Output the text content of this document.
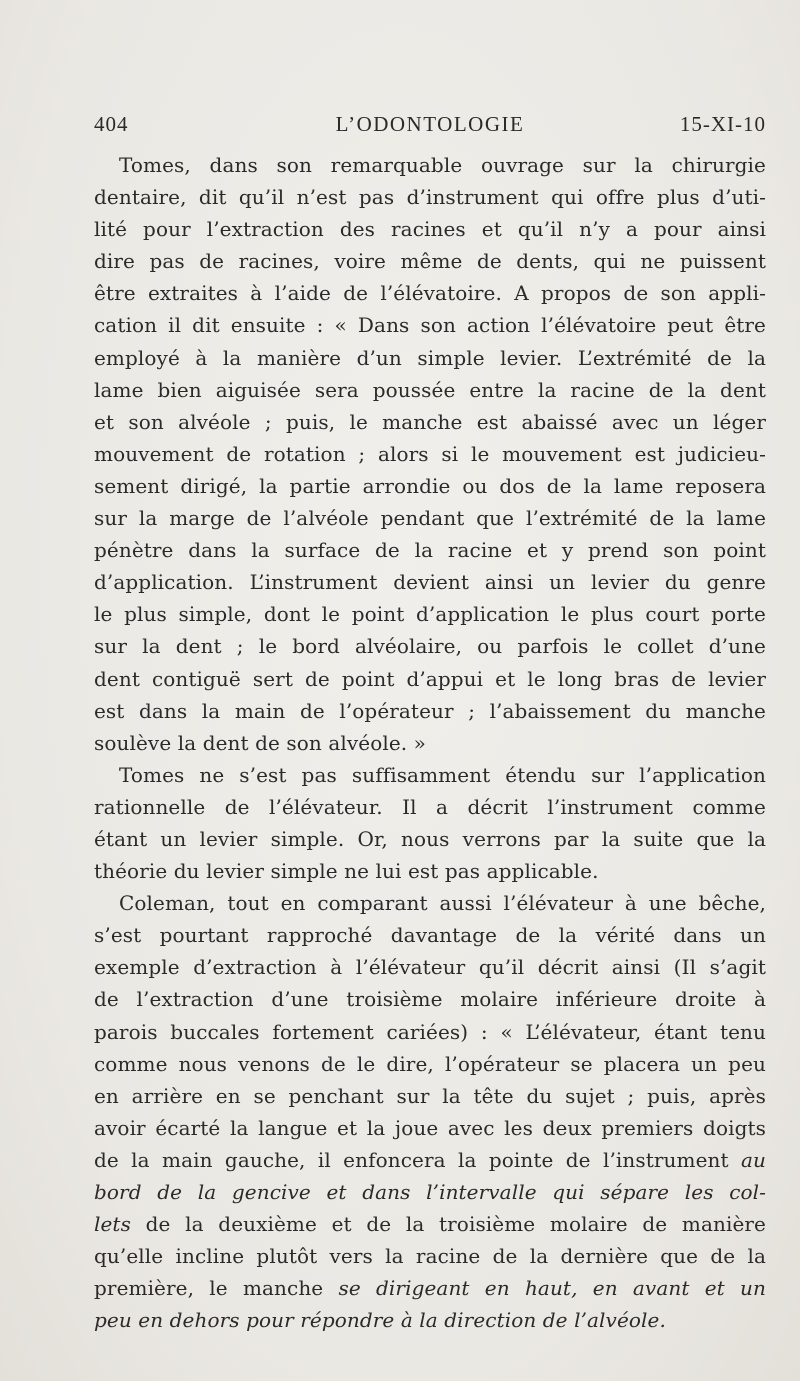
404	L’ODONTOLOGIE	15-XI-10
Tomes, dans son remarquable ouvrage sur la chirurgie
dentaire, dit qu’il n’est pas d’instrument qui offre plus d’uti-
lité pour l’extraction des racines et qu’il n’y a pour ainsi
dire pas de racines, voire même de dents, qui ne puissent
être extraites à l’aide de l’élévatoire. A propos de son appli-
cation il dit ensuite : « Dans son action l’élévatoire peut être
employé à la manière d’un simple levier. L’extrémité de la
lame bien aiguisée sera poussée entre la racine de la dent
et son alvéole ; puis, le manche est abaissé avec un léger
mouvement de rotation ; alors si le mouvement est judicieu-
sement dirigé, la partie arrondie ou dos de la lame reposera
sur la marge de l’alvéole pendant que l’extrémité de la lame
pénètre dans la surface de la racine et y prend son point
d’application. L’instrument devient ainsi un levier du genre
le plus simple, dont le point d’application le plus court porte
sur la dent ; le bord alvéolaire, ou parfois le collet d’une
dent contiguë sert de point d’appui et le long bras de levier
est dans la main de l’opérateur ; l’abaissement du manche
soulève la dent de son alvéole. »
Tomes ne s’est pas suffisamment étendu sur l’application
rationnelle de l’élévateur. Il a décrit l’instrument comme
étant un levier simple. Or, nous verrons par la suite que la
théorie du levier simple ne lui est pas applicable.
Coleman, tout en comparant aussi l’élévateur à une bêche,
s’est pourtant rapproché davantage de la vérité dans un
exemple d’extraction à l’élévateur qu’il décrit ainsi (Il s’agit
de l’extraction d’une troisième molaire inférieure droite à
parois buccales fortement cariées) : « L’élévateur, étant tenu
comme nous venons de le dire, l’opérateur se placera un peu
en arrière en se penchant sur la tête du sujet ; puis, après
avoir écarté la langue et la joue avec les deux premiers doigts
de la main gauche, il enfoncera la pointe de l’instrument au
bord de la gencive et dans l’intervalle qui sépare les col-
lets de la deuxième et de la troisième molaire de manière
qu’elle incline plutôt vers la racine de la dernière que de la
première, le manche se dirigeant en haut, en avant et un
peu en dehors pour répondre à la direction de l’alvéole.
